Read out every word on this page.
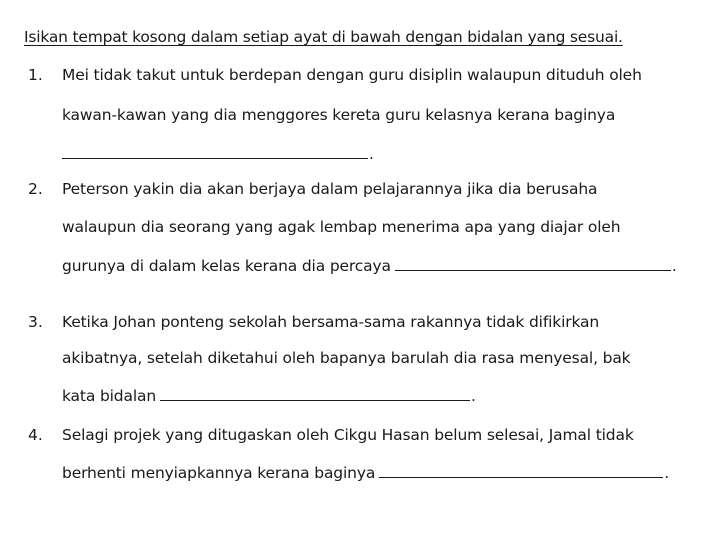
Isikan tempat kosong dalam setiap ayat di bawah dengan bidalan yang sesuai.
1. Mei tidak takut untuk berdepan dengan guru disiplin walaupun dituduh oleh
kawan-kawan yang dia menggores kereta guru kelasnya kerana baginya
.
2. Peterson yakin dia akan berjaya dalam pelajarannya jika dia berusaha
walaupun dia seorang yang agak lembap menerima apa yang diajar oleh
gurunya di dalam kelas kerana dia percaya	.
3. Ketika Johan ponteng sekolah bersama-sama rakannya tidak difikirkan
akibatnya, setelah diketahui oleh bapanya barulah dia rasa menyesal, bak
kata bidalan	.
4. Selagi projek yang ditugaskan oleh Cikgu Hasan belum selesai, Jamal tidak
berhenti menyiapkannya kerana baginya	.
